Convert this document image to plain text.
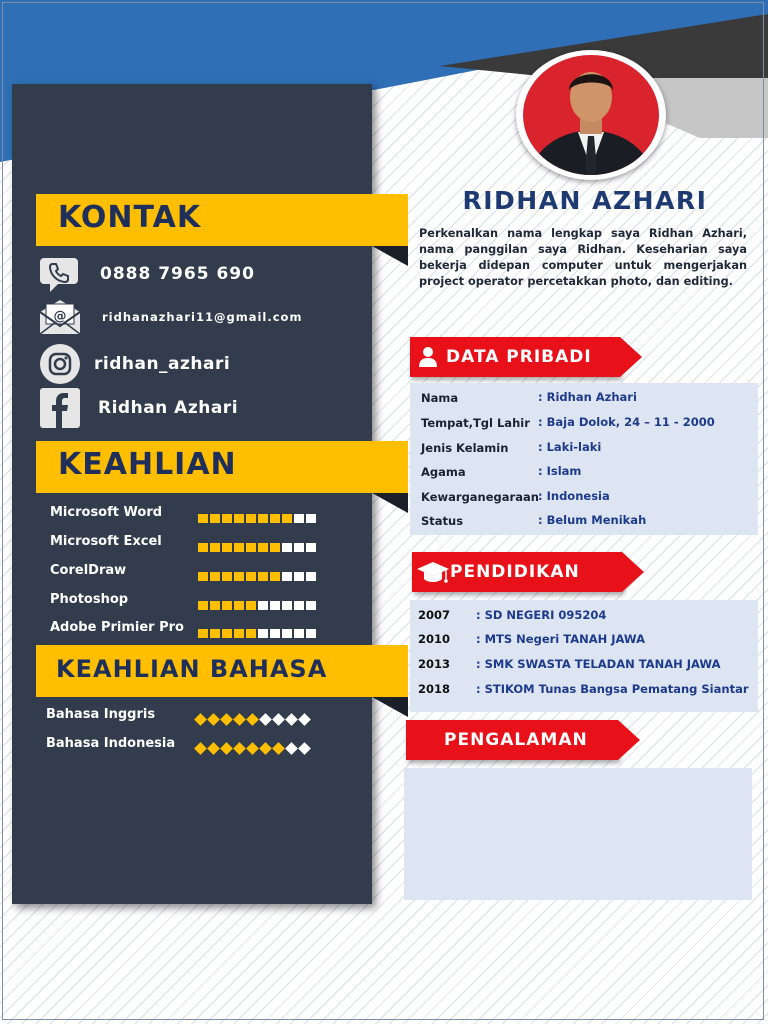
KONTAK
0888 7965 690
@	ridhanazhari11@gmail.com
ridhan_azhari
Ridhan Azhari
KEAHLIAN
Microsoft Word
Microsoft Excel
CorelDraw
Photoshop
Adobe Primier Pro
KEAHLIAN BAHASA
Bahasa Inggris
Bahasa Indonesia
RIDHAN AZHARI
Perkenalkan nama lengkap saya Ridhan Azhari, nama panggilan saya Ridhan. Keseharian saya bekerja didepan computer untuk mengerjakan project operator percetakkan photo, dan editing.
DATA PRIBADI
Nama	: Ridhan Azhari
Tempat,Tgl Lahir : Baja Dolok, 24 – 11 - 2000
Jenis Kelamin	: Laki-laki
Agama	: Islam
Kewarganegaraan : Indonesia
Status	: Belum Menikah
PENDIDIKAN
2007 : SD NEGERI 095204
2010 : MTS Negeri TANAH JAWA
2013 : SMK SWASTA TELADAN TANAH JAWA
2018 : STIKOM Tunas Bangsa Pematang Siantar
PENGALAMAN
